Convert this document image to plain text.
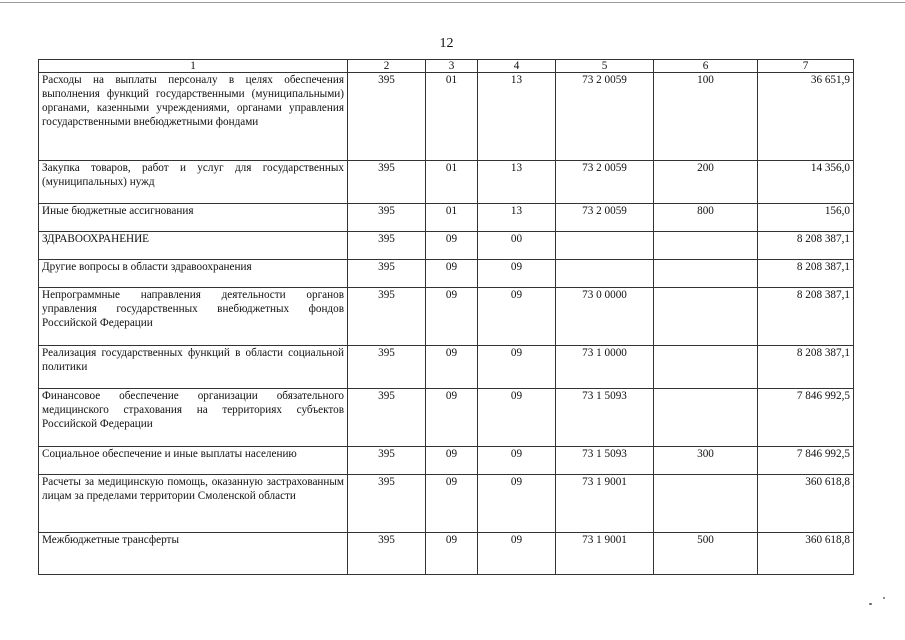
12
1	2	3	4	5	6	7
Расходы на выплаты персоналу в целях обеспечения выполнения функций государственными (муниципальными) органами, казенными учреждениями, органами управления государственными внебюджетными фондами	395	01	13	73 2 0059	100	36 651,9
Закупка товаров, работ и услуг для государственных (муниципальных) нужд	395	01	13	73 2 0059	200	14 356,0
Иные бюджетные ассигнования	395	01	13	73 2 0059	800	156,0
ЗДРАВООХРАНЕНИЕ	395	09	00			8 208 387,1
Другие вопросы в области здравоохранения	395	09	09			8 208 387,1
Непрограммные направления деятельности органов управления государственных внебюджетных фондов Российской Федерации	395	09	09	73 0 0000		8 208 387,1
Реализация государственных функций в области социальной политики	395	09	09	73 1 0000		8 208 387,1
Финансовое обеспечение организации обязательного медицинского страхования на территориях субъектов Российской Федерации	395	09	09	73 1 5093		7 846 992,5
Социальное обеспечение и иные выплаты населению	395	09	09	73 1 5093	300	7 846 992,5
Расчеты за медицинскую помощь, оказанную застрахованным лицам за пределами территории Смоленской области	395	09	09	73 1 9001		360 618,8
Межбюджетные трансферты	395	09	09	73 1 9001	500	360 618,8
